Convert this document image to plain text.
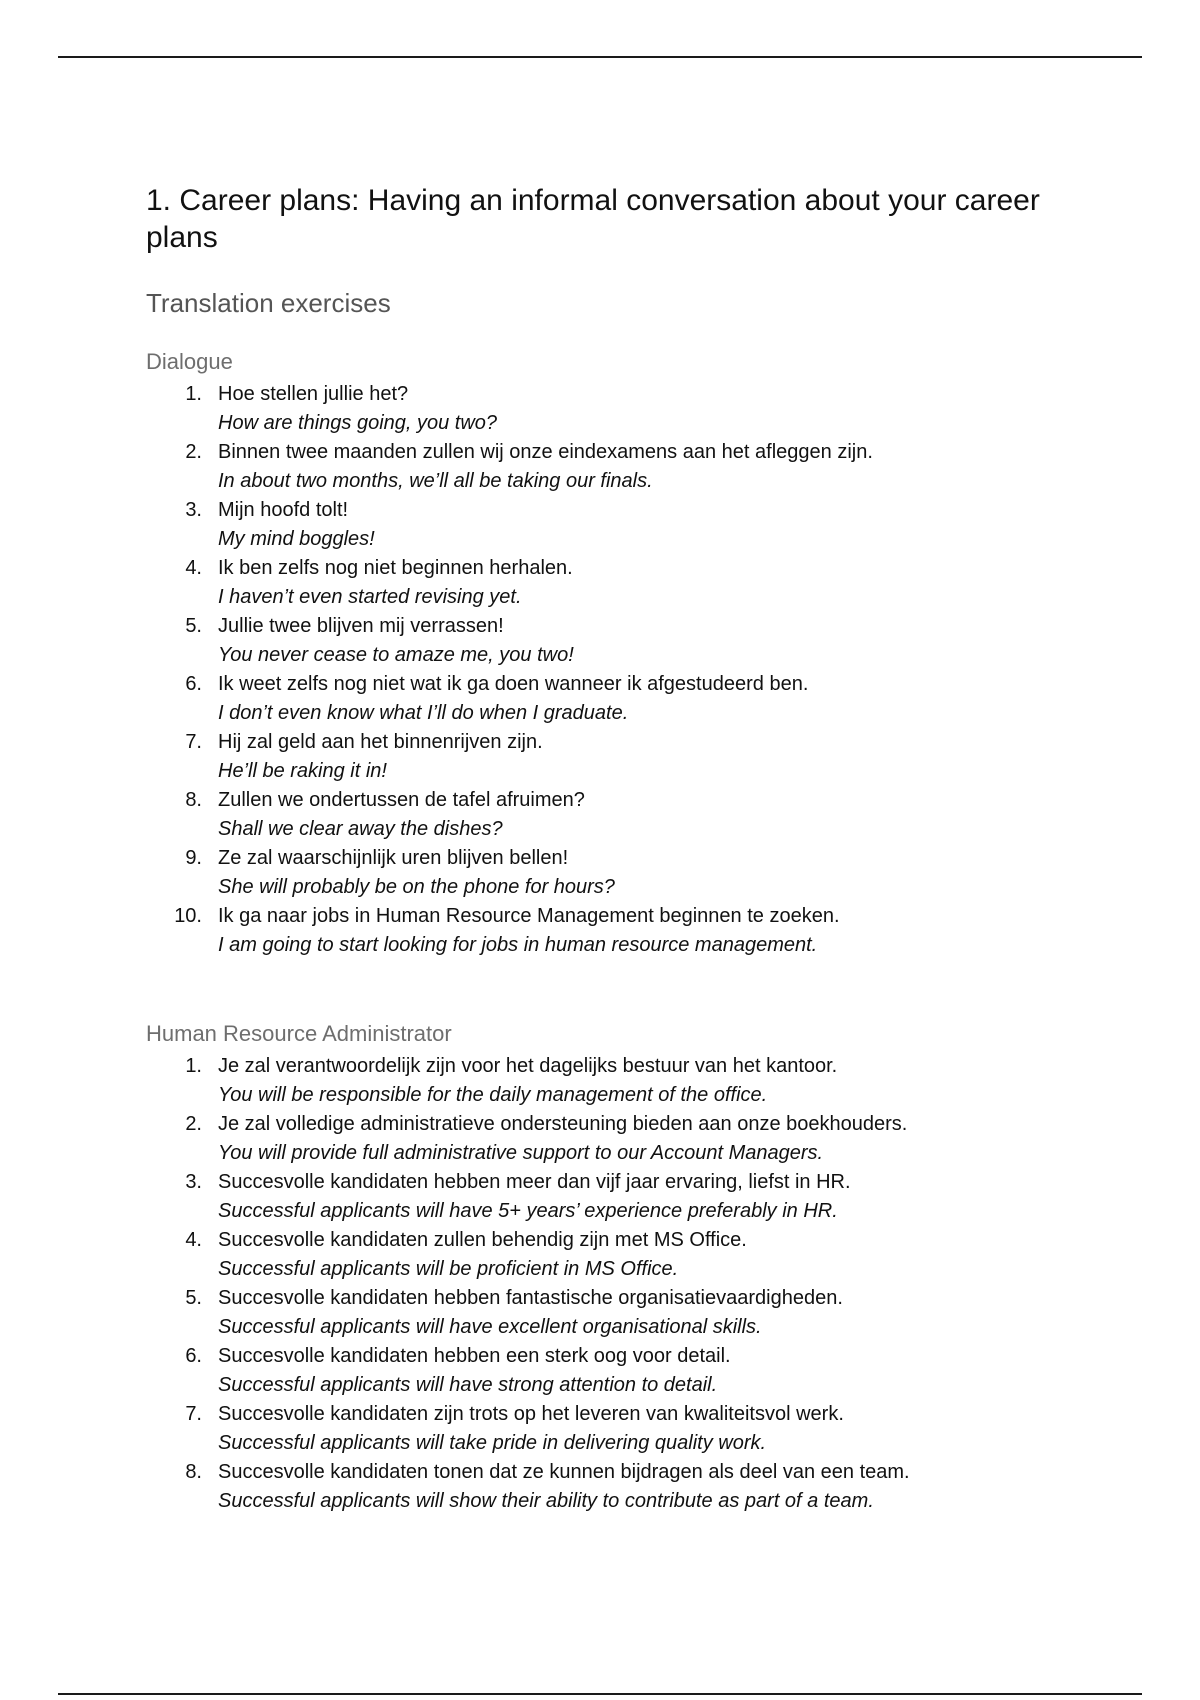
1. Career plans: Having an informal conversation about your career plans
Translation exercises
Dialogue
1. Hoe stellen jullie het?
How are things going, you two?
2. Binnen twee maanden zullen wij onze eindexamens aan het afleggen zijn.
In about two months, we’ll all be taking our finals.
3. Mijn hoofd tolt!
My mind boggles!
4. Ik ben zelfs nog niet beginnen herhalen.
I haven’t even started revising yet.
5. Jullie twee blijven mij verrassen!
You never cease to amaze me, you two!
6. Ik weet zelfs nog niet wat ik ga doen wanneer ik afgestudeerd ben.
I don’t even know what I’ll do when I graduate.
7. Hij zal geld aan het binnenrijven zijn.
He’ll be raking it in!
8. Zullen we ondertussen de tafel afruimen?
Shall we clear away the dishes?
9. Ze zal waarschijnlijk uren blijven bellen!
She will probably be on the phone for hours?
10. Ik ga naar jobs in Human Resource Management beginnen te zoeken.
I am going to start looking for jobs in human resource management.
Human Resource Administrator
1. Je zal verantwoordelijk zijn voor het dagelijks bestuur van het kantoor.
You will be responsible for the daily management of the office.
2. Je zal volledige administratieve ondersteuning bieden aan onze boekhouders.
You will provide full administrative support to our Account Managers.
3. Succesvolle kandidaten hebben meer dan vijf jaar ervaring, liefst in HR.
Successful applicants will have 5+ years’ experience preferably in HR.
4. Succesvolle kandidaten zullen behendig zijn met MS Office.
Successful applicants will be proficient in MS Office.
5. Succesvolle kandidaten hebben fantastische organisatievaardigheden.
Successful applicants will have excellent organisational skills.
6. Succesvolle kandidaten hebben een sterk oog voor detail.
Successful applicants will have strong attention to detail.
7. Succesvolle kandidaten zijn trots op het leveren van kwaliteitsvol werk.
Successful applicants will take pride in delivering quality work.
8. Succesvolle kandidaten tonen dat ze kunnen bijdragen als deel van een team.
Successful applicants will show their ability to contribute as part of a team.
